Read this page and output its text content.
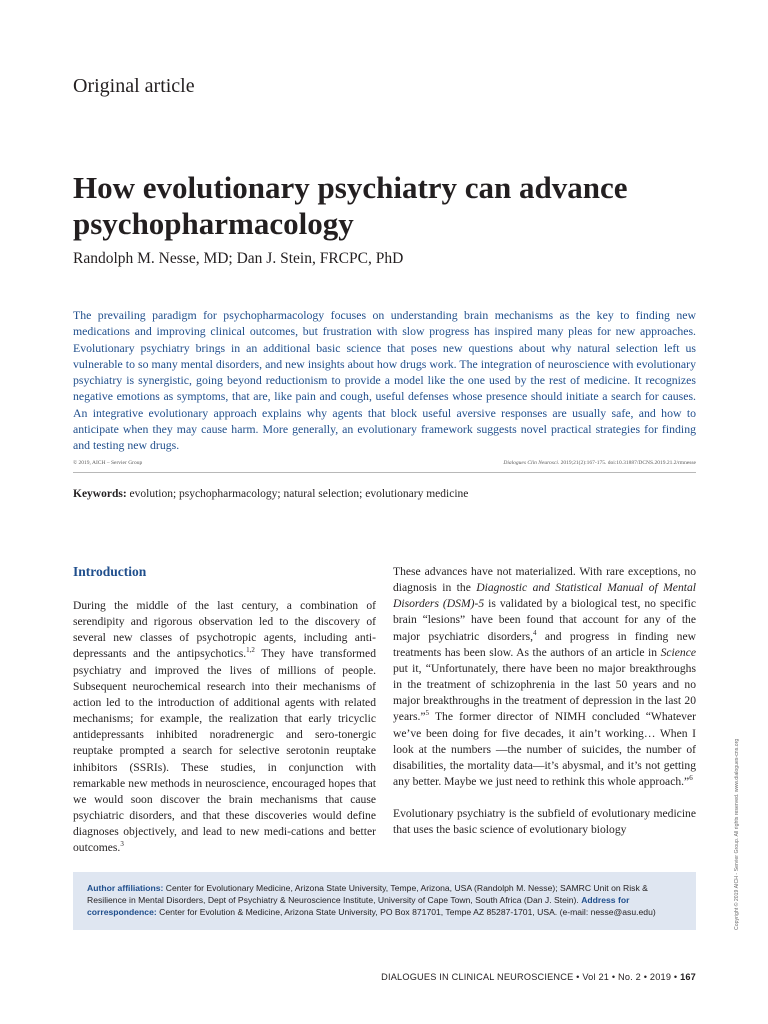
Original article
How evolutionary psychiatry can advance psychopharmacology
Randolph M. Nesse, MD; Dan J. Stein, FRCPC, PhD

The prevailing paradigm for psychopharmacology focuses on understanding brain mechanisms as the key to finding new medications and improving clinical outcomes, but frustration with slow progress has inspired many pleas for new approaches. Evolutionary psychiatry brings in an additional basic science that poses new questions about why natural selection left us vulnerable to so many mental disorders, and new insights about how drugs work. The integration of neuroscience with evolutionary psychiatry is synergistic, going beyond reductionism to provide a model like the one used by the rest of medicine. It recognizes negative emotions as symptoms, that are, like pain and cough, useful defenses whose presence should initiate a search for causes. An integrative evolutionary approach explains why agents that block useful aversive responses are usually safe, and how to anticipate when they may cause harm. More generally, an evolutionary framework suggests novel practical strategies for finding and testing new drugs.

© 2019, AICH – Servier Group	Dialogues Clin Neurosci. 2019;21(2):167-175. doi:10.31887/DCNS.2019.21.2/rmnesse
Keywords: evolution; psychopharmacology; natural selection; evolutionary medicine
Introduction

During the middle of the last century, a combination of serendipity and rigorous observation led to the discovery of several new classes of psychotropic agents, including anti-depressants and the antipsychotics.$^{1,2}$ They have transformed psychiatry and improved the lives of millions of people. Subsequent neurochemical research into their mechanisms of action led to the introduction of additional agents with related mechanisms; for example, the realization that early tricyclic antidepressants inhibited noradrenergic and sero-tonergic reuptake prompted a search for selective serotonin reuptake inhibitors (SSRIs). These studies, in conjunction with remarkable new methods in neuroscience, encouraged hopes that we would soon discover the brain mechanisms that cause psychiatric disorders, and that these discoveries would define diagnoses objectively, and lead to new medi-cations and better outcomes.$^3$

These advances have not materialized. With rare exceptions, no diagnosis in the Diagnostic and Statistical Manual of Mental Disorders (DSM)-5 is validated by a biological test, no specific brain “lesions” have been found that account for any of the major psychiatric disorders,$^4$ and progress in finding new treatments has been slow. As the authors of an article in Science put it, “Unfortunately, there have been no major breakthroughs in the treatment of schizophrenia in the last 50 years and no major breakthroughs in the treatment of depression in the last 20 years.”$^5$ The former director of NIMH concluded “Whatever we’ve been doing for five decades, it ain’t working… When I look at the numbers —the number of suicides, the number of disabilities, the mortality data—it’s abysmal, and it’s not getting any better. Maybe we just need to rethink this whole approach.”$^6$

Evolutionary psychiatry is the subfield of evolutionary medicine that uses the basic science of evolutionary biology

Author affiliations: Center for Evolutionary Medicine, Arizona State University, Tempe, Arizona, USA (Randolph M. Nesse); SAMRC Unit on Risk & Resilience in Mental Disorders, Dept of Psychiatry & Neuroscience Institute, University of Cape Town, South Africa (Dan J. Stein). Address for correspondence: Center for Evolution & Medicine, Arizona State University, PO Box 871701, Tempe AZ 85287-1701, USA. (e-mail: nesse@asu.edu)	Copyright © 2019 AICH - Servier Group. All rights reserved. www.dialogues-cns.org
DIALOGUES IN CLINICAL NEUROSCIENCE • Vol 21 • No. 2 • 2019 • 167
